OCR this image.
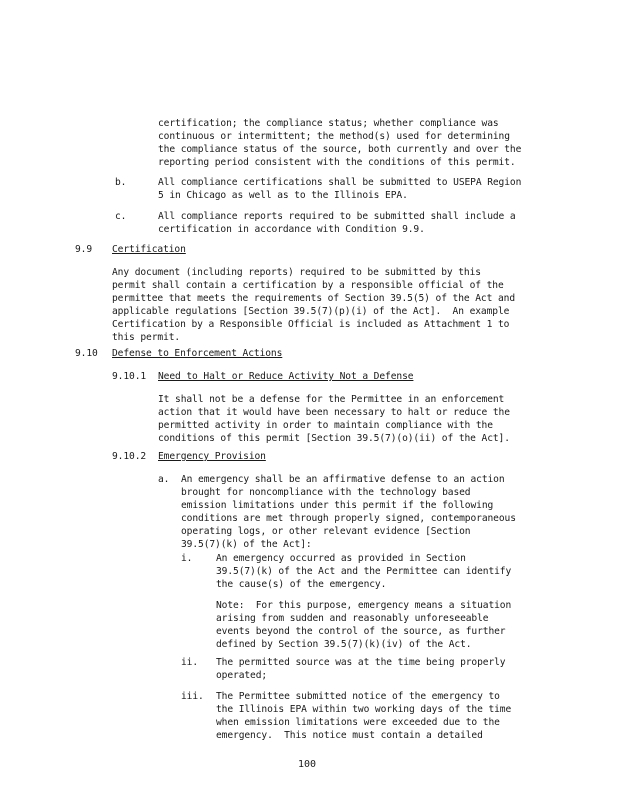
certification; the compliance status; whether compliance was
continuous or intermittent; the method(s) used for determining
the compliance status of the source, both currently and over the
reporting period consistent with the conditions of this permit.
b.	All compliance certifications shall be submitted to USEPA Region
5 in Chicago as well as to the Illinois EPA.
c.	All compliance reports required to be submitted shall include a
certification in accordance with Condition 9.9.
9.9 Certification
Any document (including reports) required to be submitted by this
permit shall contain a certification by a responsible official of the
permittee that meets the requirements of Section 39.5(5) of the Act and
applicable regulations [Section 39.5(7)(p)(i) of the Act].  An example
Certification by a Responsible Official is included as Attachment 1 to
this permit.
9.10 Defense to Enforcement Actions
9.10.1 Need to Halt or Reduce Activity Not a Defense
It shall not be a defense for the Permittee in an enforcement
action that it would have been necessary to halt or reduce the
permitted activity in order to maintain compliance with the
conditions of this permit [Section 39.5(7)(o)(ii) of the Act].
9.10.2 Emergency Provision
a. An emergency shall be an affirmative defense to an action
brought for noncompliance with the technology based
emission limitations under this permit if the following
conditions are met through properly signed, contemporaneous
operating logs, or other relevant evidence [Section
39.5(7)(k) of the Act]:
i. An emergency occurred as provided in Section
39.5(7)(k) of the Act and the Permittee can identify
the cause(s) of the emergency.
Note:  For this purpose, emergency means a situation
arising from sudden and reasonably unforeseeable
events beyond the control of the source, as further
defined by Section 39.5(7)(k)(iv) of the Act.
ii. The permitted source was at the time being properly
operated;
iii. The Permittee submitted notice of the emergency to
the Illinois EPA within two working days of the time
when emission limitations were exceeded due to the
emergency.  This notice must contain a detailed
100
